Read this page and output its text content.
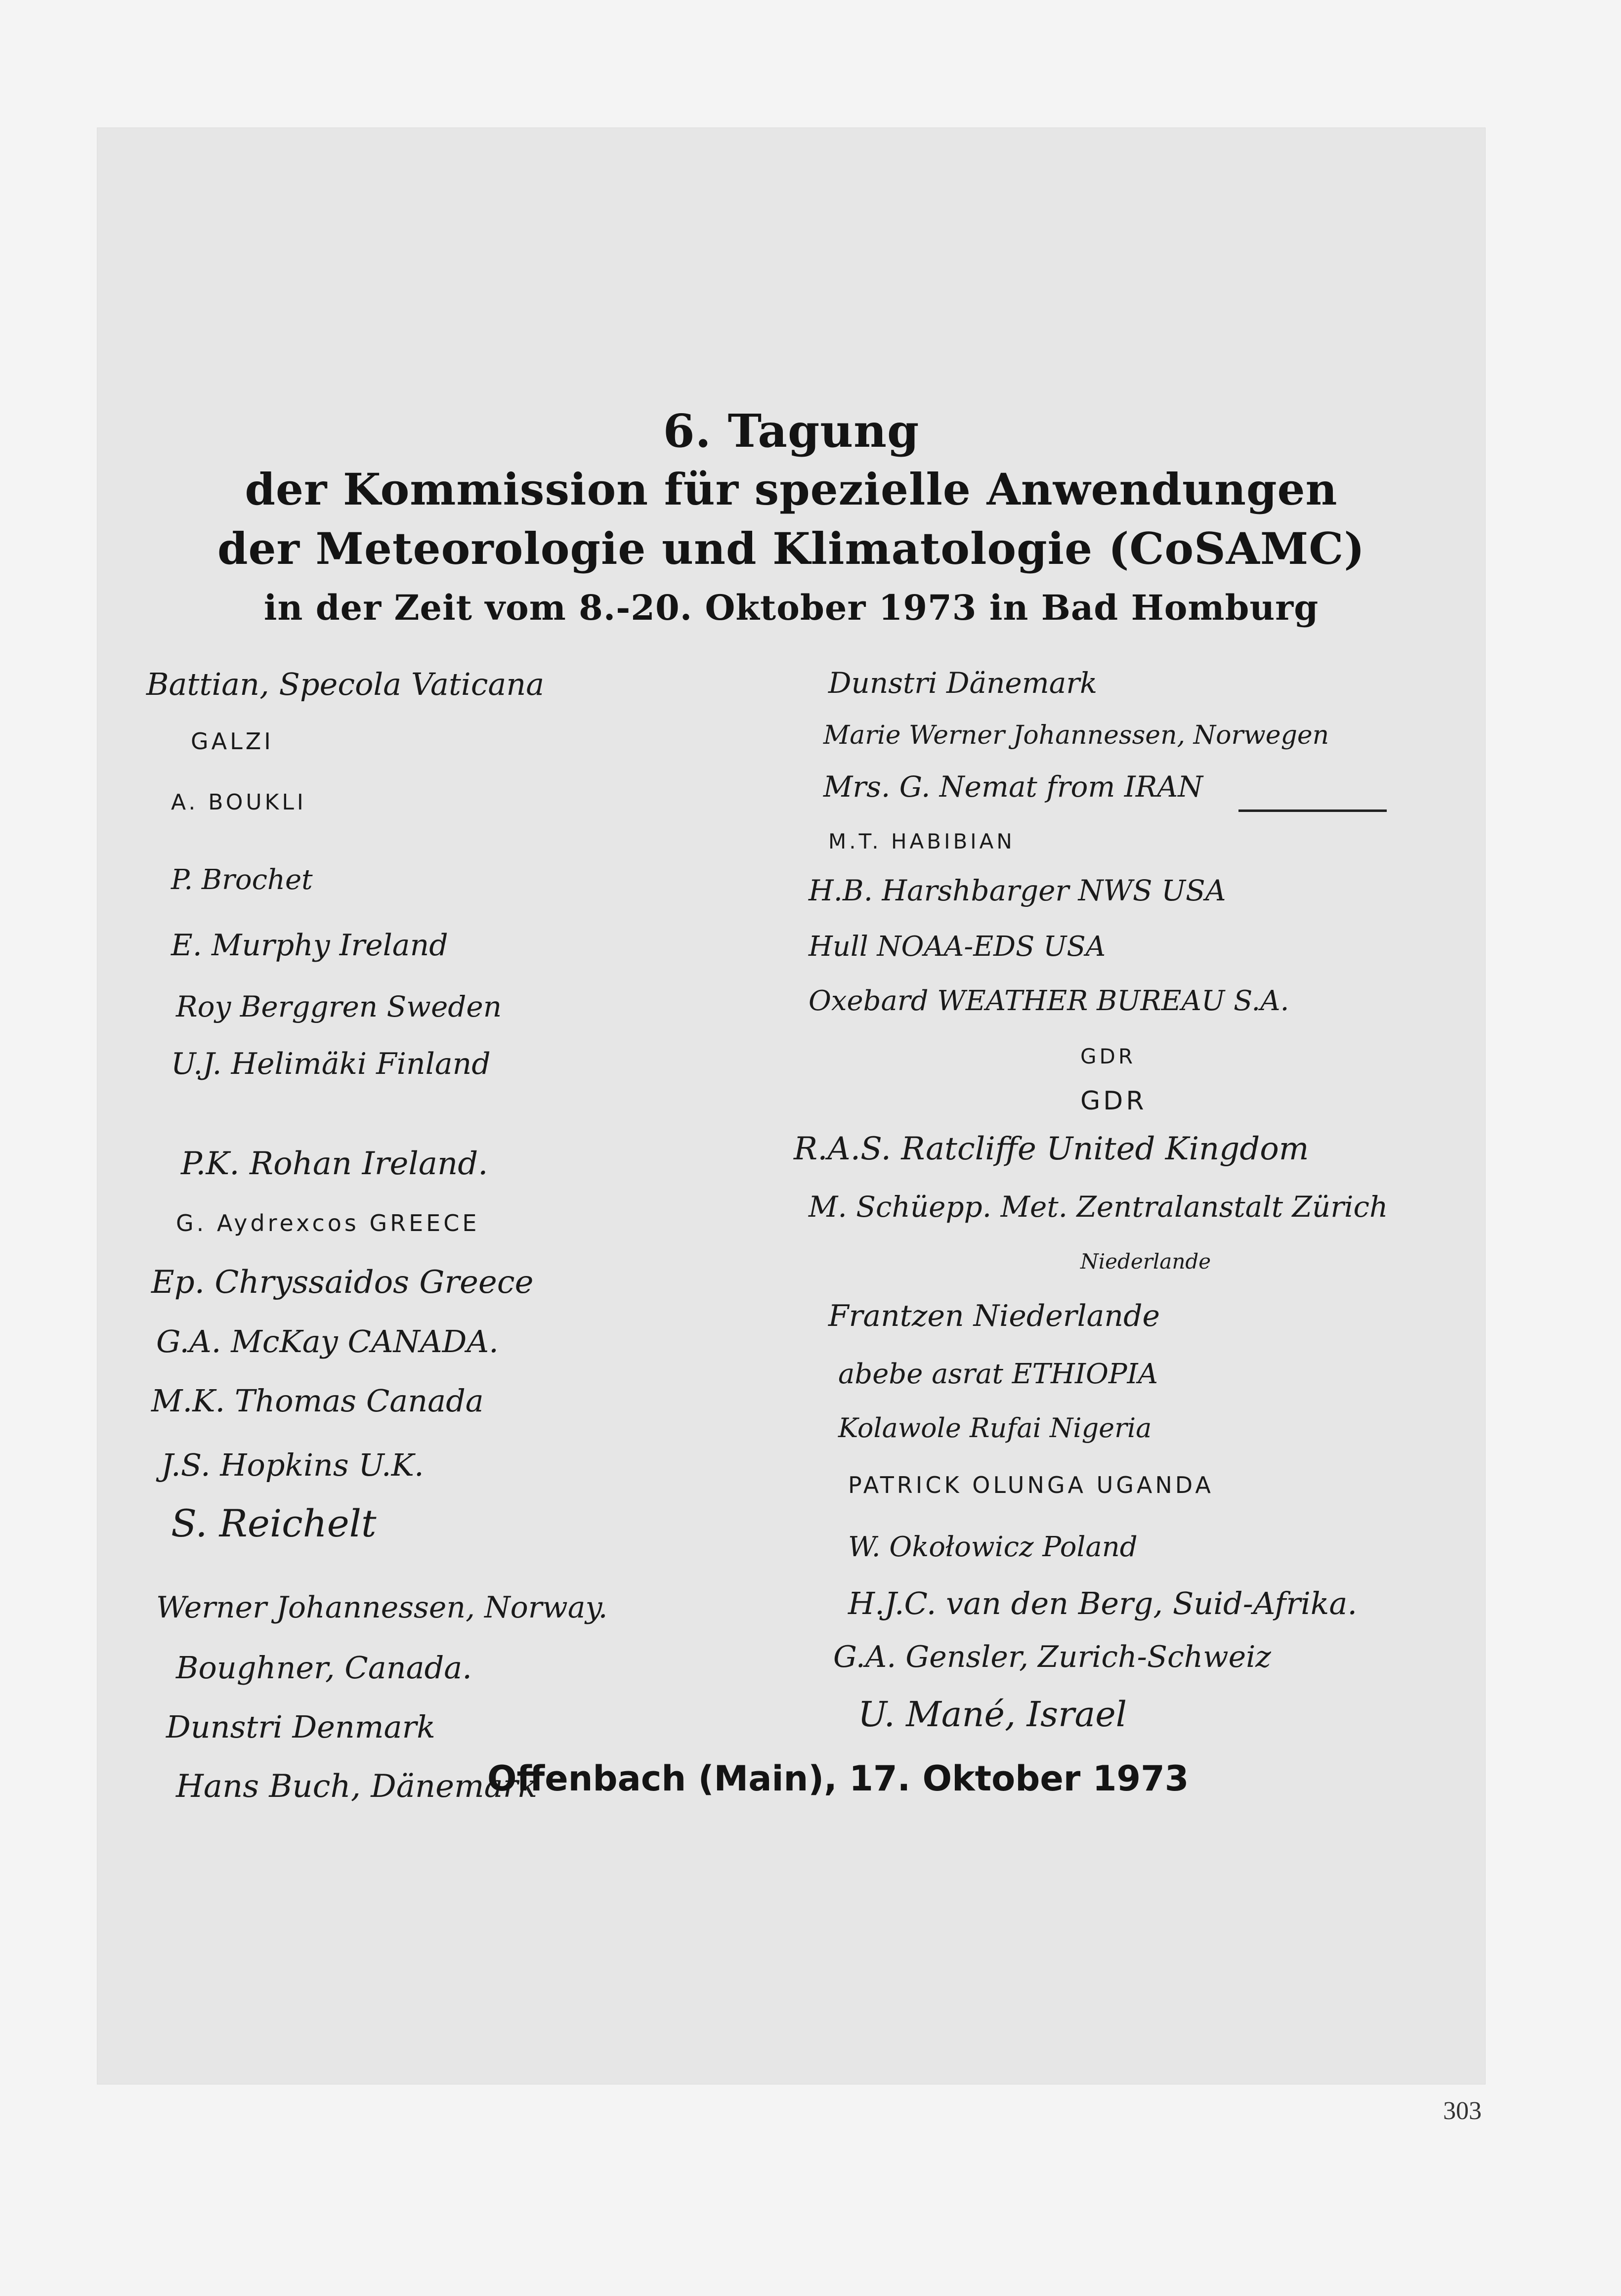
6. Tagung
der Kommission für spezielle Anwendungen
der Meteorologie und Klimatologie (CoSAMC)
in der Zeit vom 8.-20. Oktober 1973 in Bad Homburg
Battian, Specola Vaticana
GALZI
A. BOUKLI
P. Brochet
E. Murphy Ireland
Roy Berggren Sweden
U.J. Helimäki Finland
P.K. Rohan Ireland.
G. Aydrexcos GREECE
Ep. Chryssaidos Greece
G.A. McKay CANADA.
M.K. Thomas Canada
J.S. Hopkins U.K.
S. Reichelt
Werner Johannessen, Norway.
Boughner, Canada.
Dunstri Denmark
Hans Buch, Dänemark
Dunstri Dänemark
Marie Werner Johannessen, Norwegen
Mrs. G. Nemat from IRAN
M.T. HABIBIAN
H.B. Harshbarger NWS USA
Hull NOAA-EDS USA
Oxebard WEATHER BUREAU S.A.
GDR
GDR
R.A.S. Ratcliffe United Kingdom
M. Schüepp. Met. Zentralanstalt Zürich
Niederlande
Frantzen Niederlande
abebe asrat ETHIOPIA
Kolawole Rufai Nigeria
PATRICK OLUNGA UGANDA
W. Okołowicz Poland
H.J.C. van den Berg, Suid-Afrika.
G.A. Gensler, Zurich-Schweiz
U. Mané, Israel
Offenbach (Main), 17. Oktober 1973
303
